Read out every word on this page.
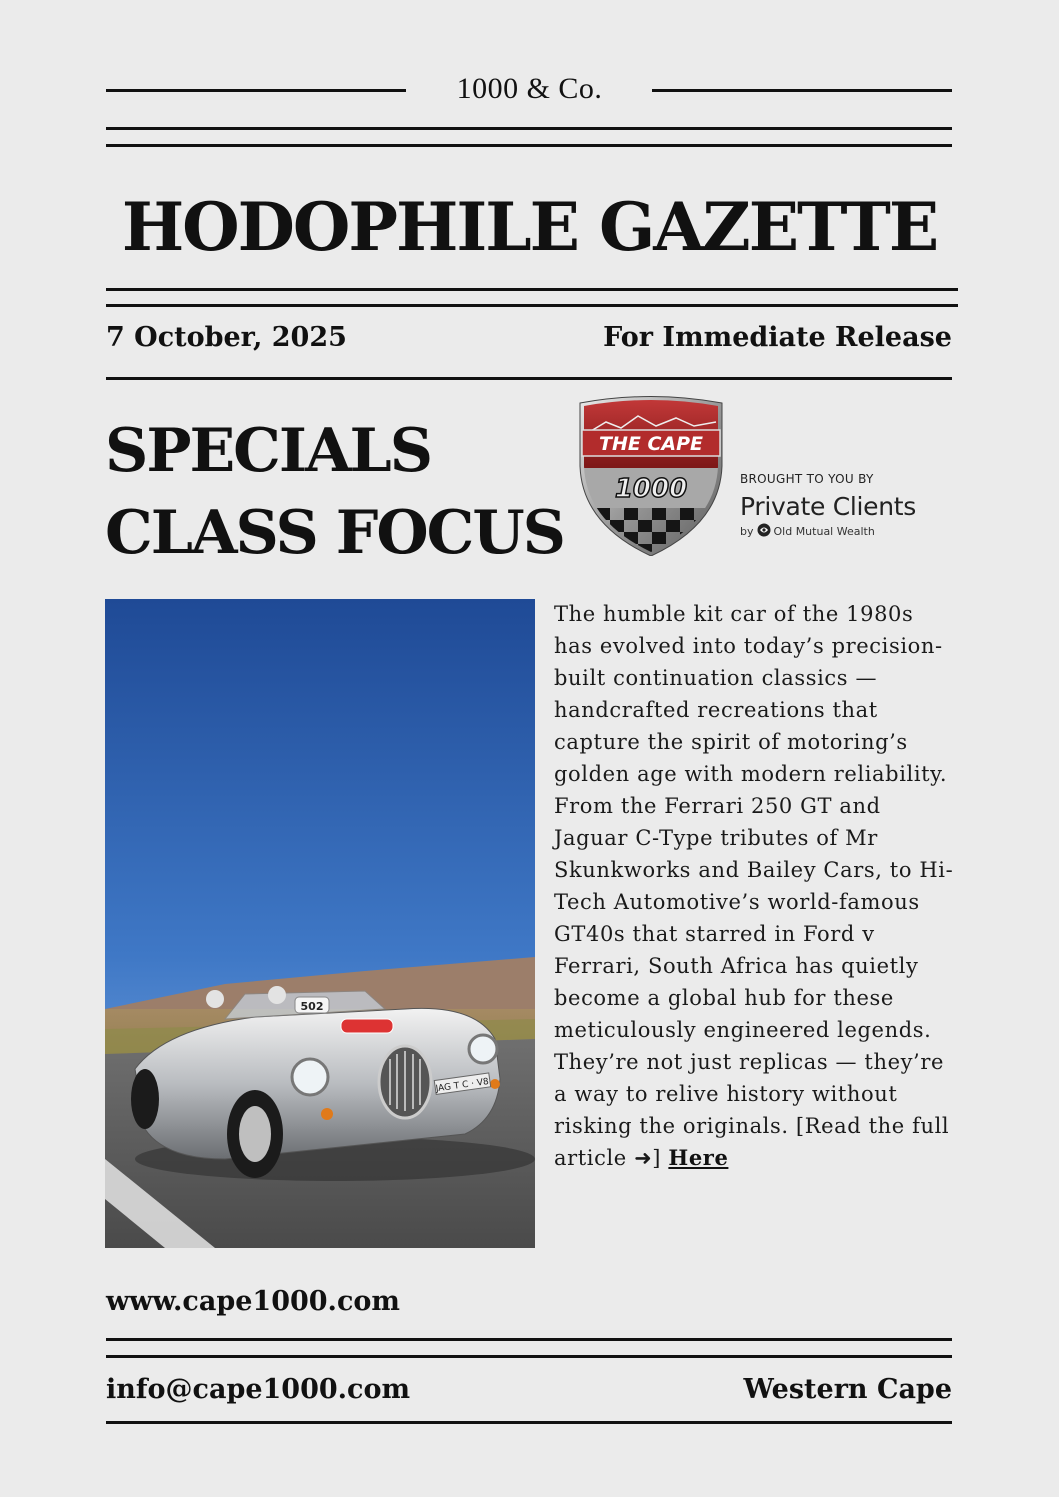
1000 & Co.
HODOPHILE GAZETTE
7 October, 2025	For Immediate Release
SPECIALS
CLASS FOCUS
THE CAPE
1000	BROUGHT TO YOU BY
Private Clients
by Old Mutual Wealth
JAG T C · V8
502
The humble kit car of the 1980s has evolved into today’s precision-built continuation classics — handcrafted recreations that capture the spirit of motoring’s golden age with modern reliability. From the Ferrari 250 GT and Jaguar C-Type tributes of Mr Skunkworks and Bailey Cars, to Hi-Tech Automotive’s world-famous GT40s that starred in Ford v Ferrari, South Africa has quietly become a global hub for these meticulously engineered legends. They’re not just replicas — they’re a way to relive history without risking the originals. [Read the full article ➜] Here
www.cape1000.com
info@cape1000.com	Western Cape
